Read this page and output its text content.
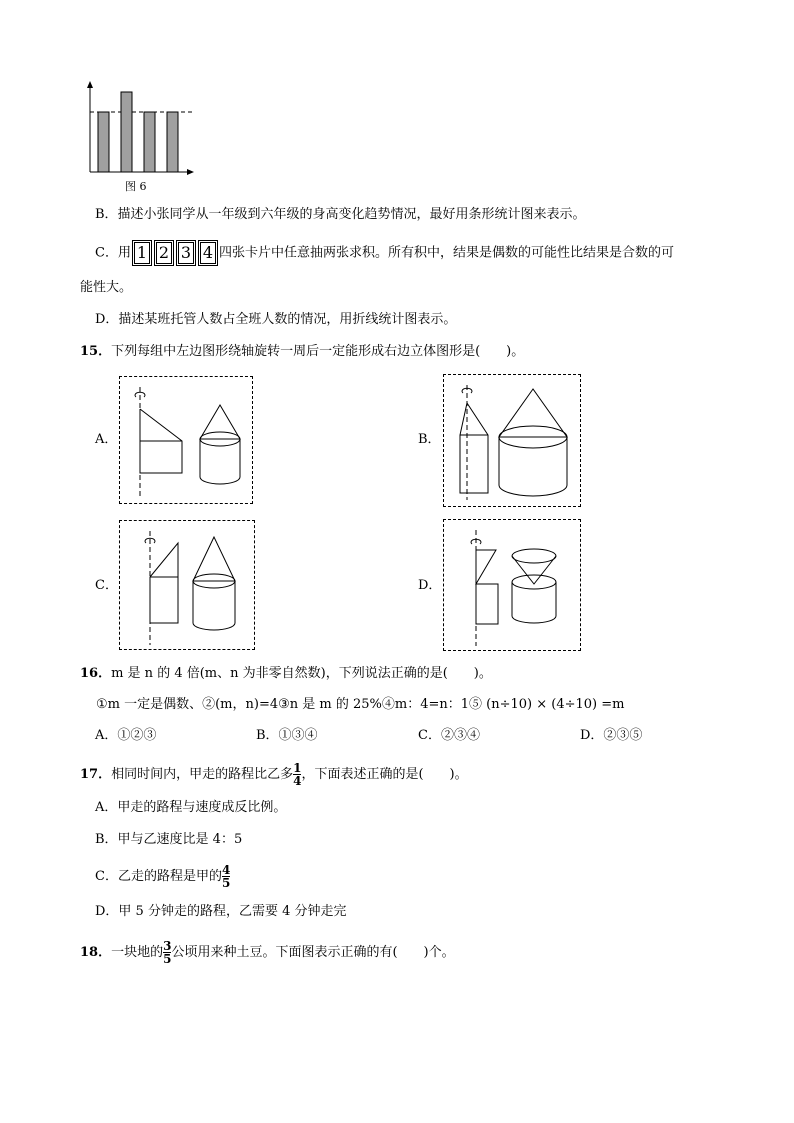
图 6
B．描述小张同学从一年级到六年级的身高变化趋势情况，最好用条形统计图来表示。
C．用 1 2 3 4 四张卡片中任意抽两张求积。所有积中，结果是偶数的可能性比结果是合数的可
能性大。
D．描述某班托管人数占全班人数的情况，用折线统计图表示。
15．下列每组中左边图形绕轴旋转一周后一定能形成右边立体图形是(　　)。
A．	B．
C．	D．
16．m 是 n 的 4 倍(m、n 为非零自然数)，下列说法正确的是(　　)。
①m 一定是偶数、②(m，n)=4③n 是 m 的 25%④m：4=n：1⑤ (n÷10) × (4÷10) =m
A．①②③	B．①③④	C．②③④	D．②③⑤
17．相同时间内，甲走的路程比乙多 $\frac{1}{4}$ ，下面表述正确的是(　　)。
A．甲走的路程与速度成反比例。
B．甲与乙速度比是 4：5
C．乙走的路程是甲的 $\frac{4}{5}$
D．甲 5 分钟走的路程，乙需要 4 分钟走完
18．一块地的 $\frac{3}{5}$ 公顷用来种土豆。下面图表示正确的有(　　)个。
